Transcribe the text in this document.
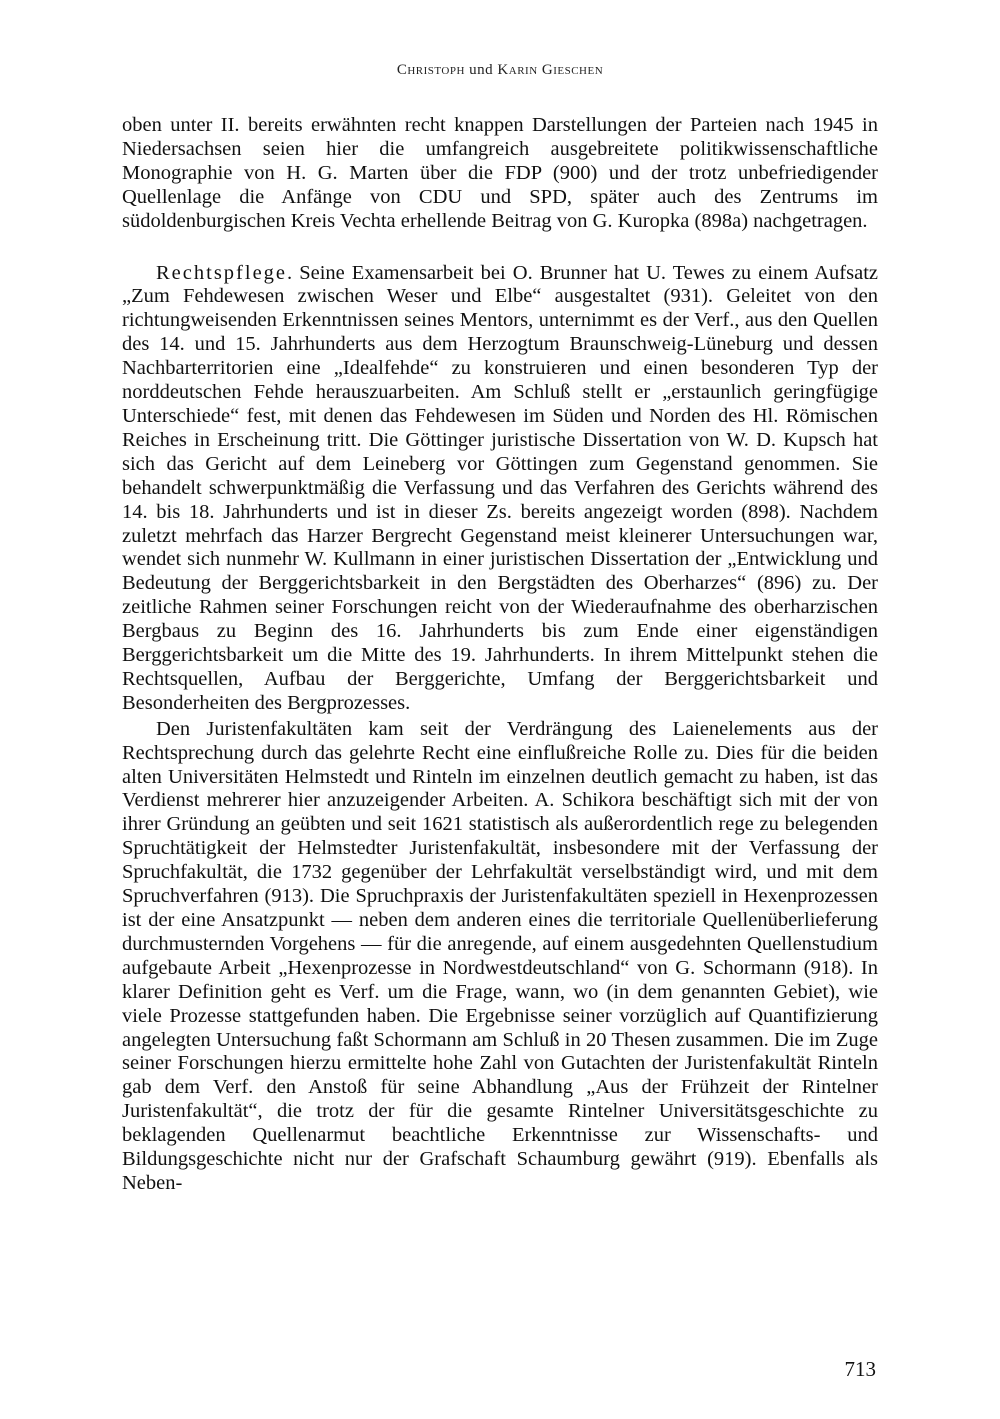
Christoph und Karin Gieschen

oben unter II. bereits erwähnten recht knappen Darstellungen der Parteien nach 1945 in Niedersachsen seien hier die umfangreich ausgebreitete politikwissenschaftliche Monographie von H. G. Marten über die FDP (900) und der trotz unbefriedigender Quellenlage die Anfänge von CDU und SPD, später auch des Zentrums im südoldenburgischen Kreis Vechta erhellende Beitrag von G. Kuropka (898a) nachgetragen.

Rechtspflege. Seine Examensarbeit bei O. Brunner hat U. Tewes zu einem Aufsatz „Zum Fehdewesen zwischen Weser und Elbe“ ausgestaltet (931). Geleitet von den richtungweisenden Erkenntnissen seines Mentors, unternimmt es der Verf., aus den Quellen des 14. und 15. Jahrhunderts aus dem Herzogtum Braunschweig-Lüneburg und dessen Nachbarterritorien eine „Idealfehde“ zu konstruieren und einen besonderen Typ der norddeutschen Fehde herauszuarbeiten. Am Schluß stellt er „erstaunlich geringfügige Unterschiede“ fest, mit denen das Fehdewesen im Süden und Norden des Hl. Römischen Reiches in Erscheinung tritt. Die Göttinger juristische Dissertation von W. D. Kupsch hat sich das Gericht auf dem Leineberg vor Göttingen zum Gegenstand genommen. Sie behandelt schwerpunktmäßig die Verfassung und das Verfahren des Gerichts während des 14. bis 18. Jahrhunderts und ist in dieser Zs. bereits angezeigt worden (898). Nachdem zuletzt mehrfach das Harzer Bergrecht Gegenstand meist kleinerer Untersuchungen war, wendet sich nunmehr W. Kullmann in einer juristischen Dissertation der „Entwicklung und Bedeutung der Berggerichtsbarkeit in den Bergstädten des Oberharzes“ (896) zu. Der zeitliche Rahmen seiner Forschungen reicht von der Wiederaufnahme des oberharzischen Bergbaus zu Beginn des 16. Jahrhunderts bis zum Ende einer eigenständigen Berggerichtsbarkeit um die Mitte des 19. Jahrhunderts. In ihrem Mittelpunkt stehen die Rechtsquellen, Aufbau der Berggerichte, Umfang der Berggerichtsbarkeit und Besonderheiten des Bergprozesses.

Den Juristenfakultäten kam seit der Verdrängung des Laienelements aus der Rechtsprechung durch das gelehrte Recht eine einflußreiche Rolle zu. Dies für die beiden alten Universitäten Helmstedt und Rinteln im einzelnen deutlich gemacht zu haben, ist das Verdienst mehrerer hier anzuzeigender Arbeiten. A. Schikora beschäftigt sich mit der von ihrer Gründung an geübten und seit 1621 statistisch als außerordentlich rege zu belegenden Spruchtätigkeit der Helmstedter Juristenfakultät, insbesondere mit der Verfassung der Spruchfakultät, die 1732 gegenüber der Lehrfakultät verselbständigt wird, und mit dem Spruchverfahren (913). Die Spruchpraxis der Juristenfakultäten speziell in Hexenprozessen ist der eine Ansatzpunkt — neben dem anderen eines die territoriale Quellenüberlieferung durchmusternden Vorgehens — für die anregende, auf einem ausgedehnten Quellenstudium aufgebaute Arbeit „Hexenprozesse in Nordwestdeutschland“ von G. Schormann (918). In klarer Definition geht es Verf. um die Frage, wann, wo (in dem genannten Gebiet), wie viele Prozesse stattgefunden haben. Die Ergebnisse seiner vorzüglich auf Quantifizierung angelegten Untersuchung faßt Schormann am Schluß in 20 Thesen zusammen. Die im Zuge seiner Forschungen hierzu ermittelte hohe Zahl von Gutachten der Juristenfakultät Rinteln gab dem Verf. den Anstoß für seine Abhandlung „Aus der Frühzeit der Rintelner Juristenfakultät“, die trotz der für die gesamte Rintelner Universitätsgeschichte zu beklagenden Quellenarmut beachtliche Erkenntnisse zur Wissenschafts- und Bildungsgeschichte nicht nur der Grafschaft Schaumburg gewährt (919). Ebenfalls als Neben-

713
